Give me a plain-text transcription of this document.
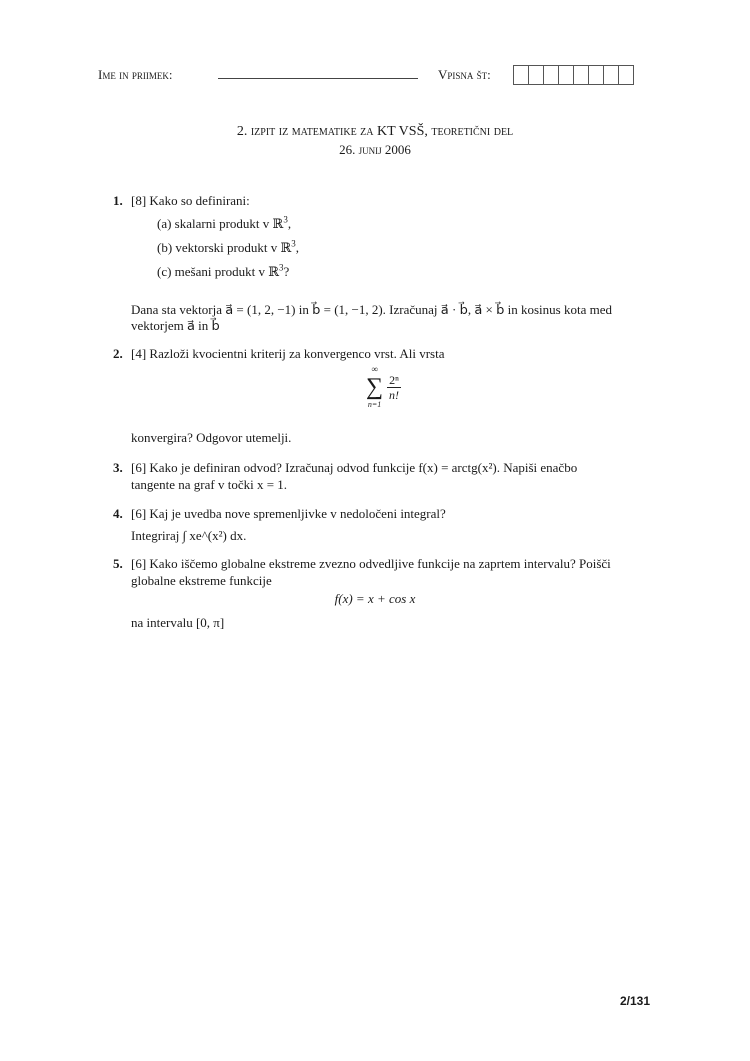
Ime in priimek:	Vpisna št:
2. izpit iz matematike za KT VSŠ, teoretični del
26. junij 2006
1. [8] Kako so definirani:
(a) skalarni produkt v ℝ$^3$,
(b) vektorski produkt v ℝ$^3$,
(c) mešani produkt v ℝ$^3$?
Dana sta vektorja a⃗ = (1, 2, −1) in b⃗ = (1, −1, 2). Izračunaj a⃗ · b⃗, a⃗ × b⃗ in kosinus kota med
vektorjem a⃗ in b⃗
2. [4] Razloži kvocientni kriterij za konvergenco vrst. Ali vrsta
∞
∑
n=1
$\frac{\text{2ⁿ}}{n!}$
konvergira? Odgovor utemelji.
3. [6] Kako je definiran odvod? Izračunaj odvod funkcije f(x) = arctg(x²). Napiši enačbo
tangente na graf v točki x = 1.
4. [6] Kaj je uvedba nove spremenljivke v nedoločeni integral?
Integriraj ∫ xe^(x²) dx.
5. [6] Kako iščemo globalne ekstreme zvezno odvedljive funkcije na zaprtem intervalu? Poišči
globalne ekstreme funkcije
f(x) = x + cos x
na intervalu [0, π]
2/131
